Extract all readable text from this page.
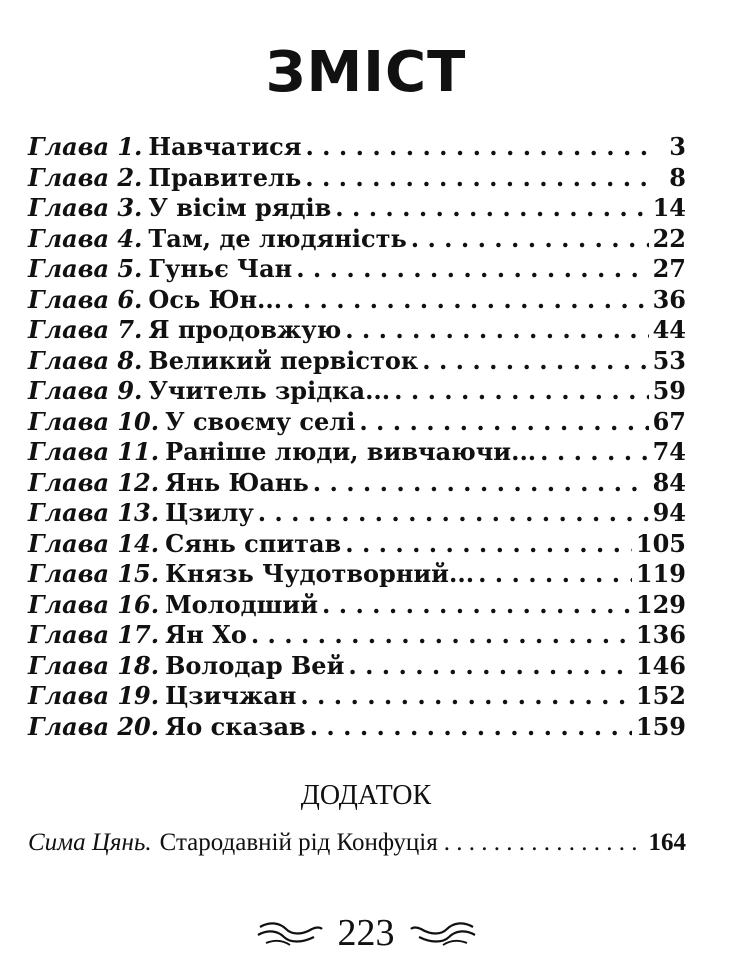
ЗМІСТ
Глава 1. Навчатися . . .	3
Глава 2. Правитель . . .	8
Глава 3. У вісім рядів . . .	14
Глава 4. Там, де людяність . . .	22
Глава 5. Гуньє Чан . . .	27
Глава 6. Ось Юн... . . .	36
Глава 7. Я продовжую . . .	44
Глава 8. Великий первісток . . .	53
Глава 9. Учитель зрідка... . . .	59
Глава 10. У своєму селі . . .	67
Глава 11. Раніше люди, вивчаючи... . . .	74
Глава 12. Янь Юань . . .	84
Глава 13. Цзилу . . .	94
Глава 14. Сянь спитав . . .	105
Глава 15. Князь Чудотворний... . . .	119
Глава 16. Молодший . . .	129
Глава 17. Ян Хо . . .	136
Глава 18. Володар Вей . . .	146
Глава 19. Цзичжан . . .	152
Глава 20. Яо сказав . . .	159
ДОДАТОК
Сима Цянь. Стародавній рід Конфуція . . .	164
223
